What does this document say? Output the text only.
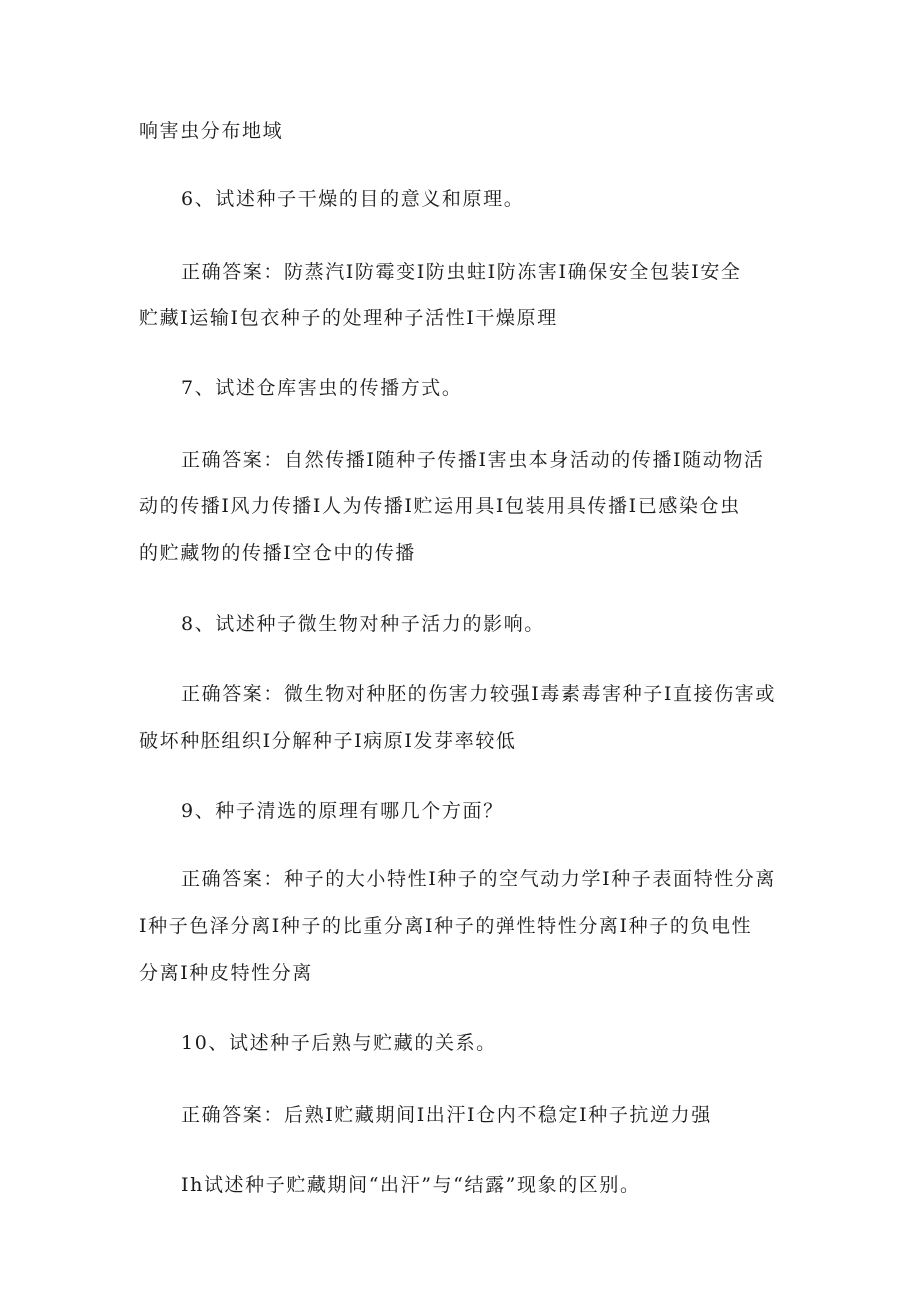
响害虫分布地域
6、试述种子干燥的目的意义和原理。
正确答案：防蒸汽I防霉变I防虫蛀I防冻害I确保安全包装I安全
贮藏I运输I包衣种子的处理种子活性I干燥原理
7、试述仓库害虫的传播方式。
正确答案：自然传播I随种子传播I害虫本身活动的传播I随动物活
动的传播I风力传播I人为传播I贮运用具I包装用具传播I已感染仓虫
的贮藏物的传播I空仓中的传播
8、试述种子微生物对种子活力的影响。
正确答案：微生物对种胚的伤害力较强I毒素毒害种子I直接伤害或
破坏种胚组织I分解种子I病原I发芽率较低
9、种子清选的原理有哪几个方面？
正确答案：种子的大小特性I种子的空气动力学I种子表面特性分离
I种子色泽分离I种子的比重分离I种子的弹性特性分离I种子的负电性
分离I种皮特性分离
10、试述种子后熟与贮藏的关系。
正确答案：后熟I贮藏期间I出汗I仓内不稳定I种子抗逆力强
Ih试述种子贮藏期间“出汗”与“结露”现象的区别。
